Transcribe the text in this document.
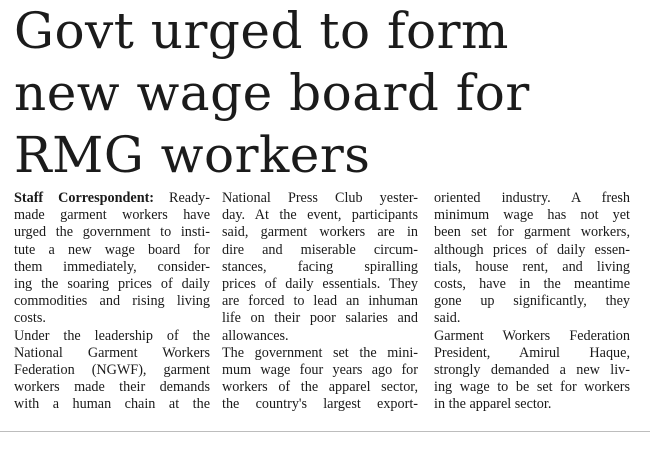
Govt urged to form
new wage board for
RMG workers
Staff Correspondent: Ready-
made garment workers have
urged the government to insti-
tute a new wage board for
them immediately, consider-
ing the soaring prices of daily
commodities and rising living
costs.
Under the leadership of the
National Garment Workers
Federation (NGWF), garment
workers made their demands
with a human chain at the
National Press Club yester-
day. At the event, participants
said, garment workers are in
dire and miserable circum-
stances, facing spiralling
prices of daily essentials. They
are forced to lead an inhuman
life on their poor salaries and
allowances.
The government set the mini-
mum wage four years ago for
workers of the apparel sector,
the country's largest export-
oriented industry. A fresh
minimum wage has not yet
been set for garment workers,
although prices of daily essen-
tials, house rent, and living
costs, have in the meantime
gone up significantly, they
said.
Garment Workers Federation
President, Amirul Haque,
strongly demanded a new liv-
ing wage to be set for workers
in the apparel sector.
